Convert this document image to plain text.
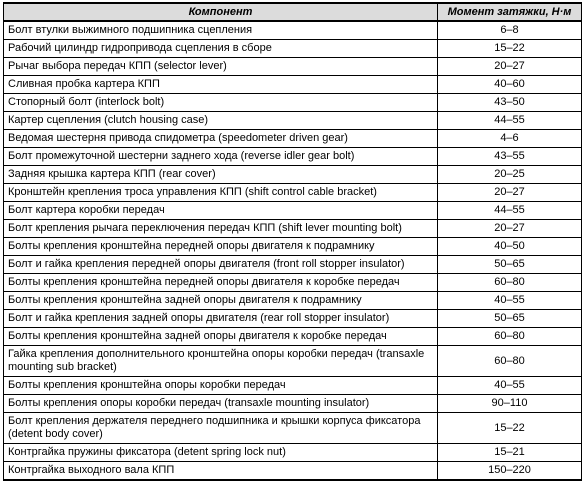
Компонент	Момент затяжки, Н·м
Болт втулки выжимного подшипника сцепления	6–8
Рабочий цилиндр гидропривода сцепления в сборе	15–22
Рычаг выбора передач КПП (selector lever)	20–27
Сливная пробка картера КПП	40–60
Стопорный болт (interlock bolt)	43–50
Картер сцепления (clutch housing case)	44–55
Ведомая шестерня привода спидометра (speedometer driven gear)	4–6
Болт промежуточной шестерни заднего хода (reverse idler gear bolt)	43–55
Задняя крышка картера КПП (rear cover)	20–25
Кронштейн крепления троса управления КПП (shift control cable bracket)	20–27
Болт картера коробки передач	44–55
Болт крепления рычага переключения передач КПП (shift lever mounting bolt)	20–27
Болты крепления кронштейна передней опоры двигателя к подрамнику	40–50
Болт и гайка крепления передней опоры двигателя (front roll stopper insulator)	50–65
Болты крепления кронштейна передней опоры двигателя к коробке передач	60–80
Болты крепления кронштейна задней опоры двигателя к подрамнику	40–55
Болт и гайка крепления задней опоры двигателя (rear roll stopper insulator)	50–65
Болты крепления кронштейна задней опоры двигателя к коробке передач	60–80
Гайка крепления дополнительного кронштейна опоры коробки передач (transaxle mounting sub bracket)	60–80
Болты крепления кронштейна опоры коробки передач	40–55
Болты крепления опоры коробки передач (transaxle mounting insulator)	90–110
Болт крепления держателя переднего подшипника и крышки корпуса фиксатора (detent body cover)	15–22
Контргайка пружины фиксатора (detent spring lock nut)	15–21
Контргайка выходного вала КПП	150–220
